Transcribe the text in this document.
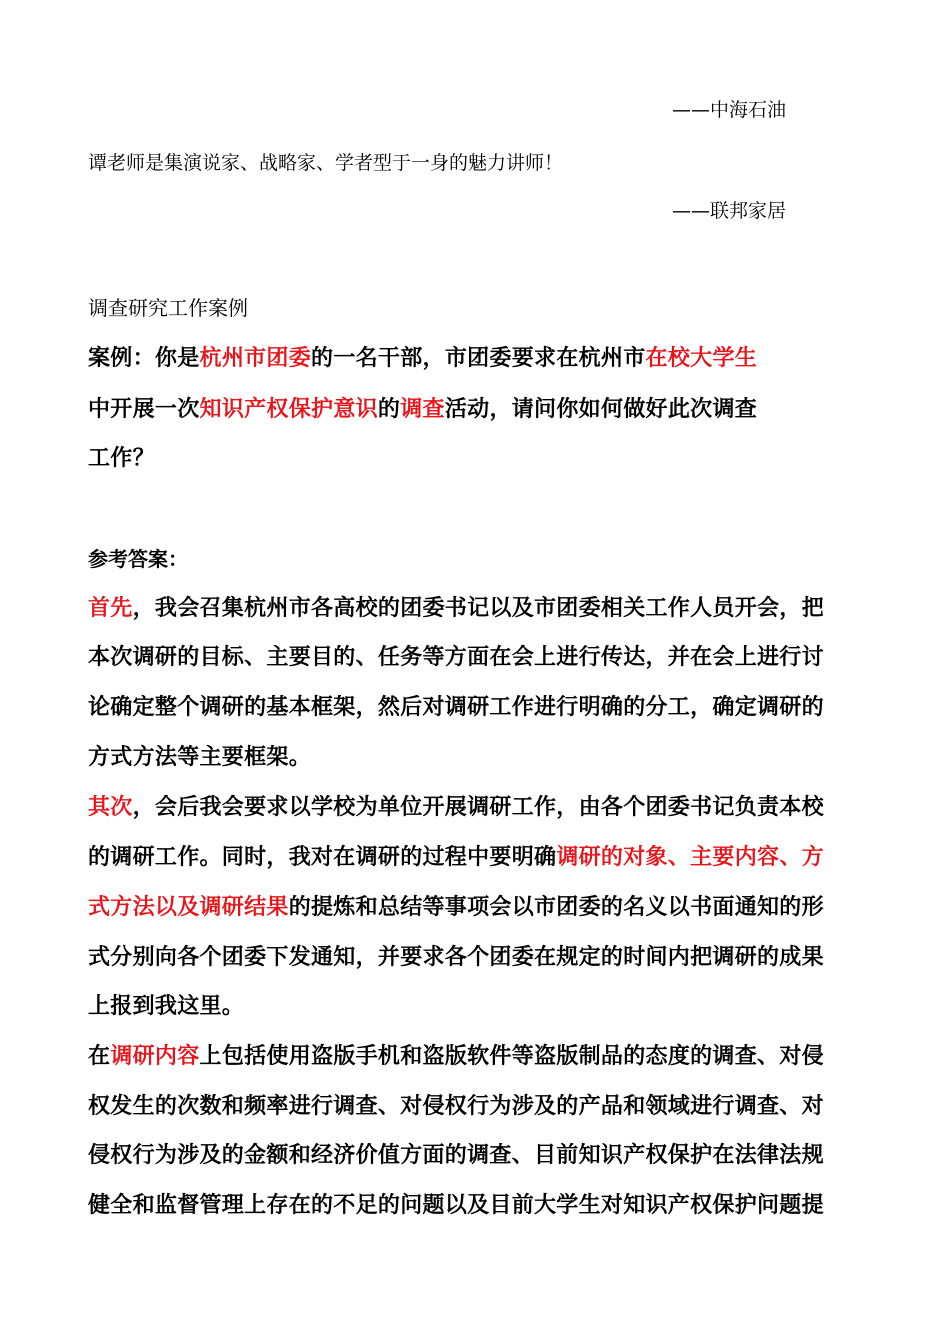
——中海石油
谭老师是集演说家、战略家、学者型于一身的魅力讲师！
——联邦家居
调查研究工作案例
案例：你是杭州市团委的一名干部，市团委要求在杭州市在校大学生
中开展一次知识产权保护意识的调查活动，请问你如何做好此次调查
工作？
参考答案：
首先，我会召集杭州市各高校的团委书记以及市团委相关工作人员开会，把
本次调研的目标、主要目的、任务等方面在会上进行传达，并在会上进行讨
论确定整个调研的基本框架，然后对调研工作进行明确的分工，确定调研的
方式方法等主要框架。
其次，会后我会要求以学校为单位开展调研工作，由各个团委书记负责本校
的调研工作。同时，我对在调研的过程中要明确调研的对象、主要内容、方
式方法以及调研结果的提炼和总结等事项会以市团委的名义以书面通知的形
式分别向各个团委下发通知，并要求各个团委在规定的时间内把调研的成果
上报到我这里。
在调研内容上包括使用盗版手机和盗版软件等盗版制品的态度的调查、对侵
权发生的次数和频率进行调查、对侵权行为涉及的产品和领域进行调查、对
侵权行为涉及的金额和经济价值方面的调查、目前知识产权保护在法律法规
健全和监督管理上存在的不足的问题以及目前大学生对知识产权保护问题提
